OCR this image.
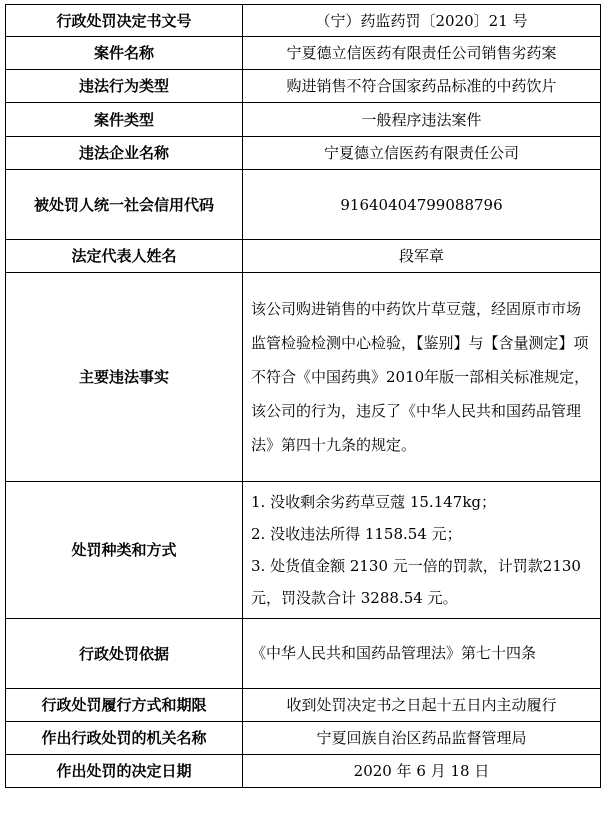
行政处罚决定书文号	（宁）药监药罚〔2020〕21 号
案件名称	宁夏德立信医药有限责任公司销售劣药案
违法行为类型	购进销售不符合国家药品标准的中药饮片
案件类型	一般程序违法案件
违法企业名称	宁夏德立信医药有限责任公司
被处罚人统一社会信用代码	91640404799088796
法定代表人姓名	段军章
主要违法事实	该公司购进销售的中药饮片草豆蔻，经固原市市场监管检验检测中心检验，【鉴别】与【含量测定】项不符合《中国药典》2010年版一部相关标准规定，该公司的行为，违反了《中华人民共和国药品管理法》第四十九条的规定。
处罚种类和方式	1. 没收剩余劣药草豆蔻 15.147kg；
2. 没收违法所得 1158.54 元；
3. 处货值金额 2130 元一倍的罚款，计罚款2130 元，罚没款合计 3288.54 元。

行政处罚依据	《中华人民共和国药品管理法》第七十四条
行政处罚履行方式和期限	收到处罚决定书之日起十五日内主动履行
作出行政处罚的机关名称	宁夏回族自治区药品监督管理局
作出处罚的决定日期	2020 年 6 月 18 日
